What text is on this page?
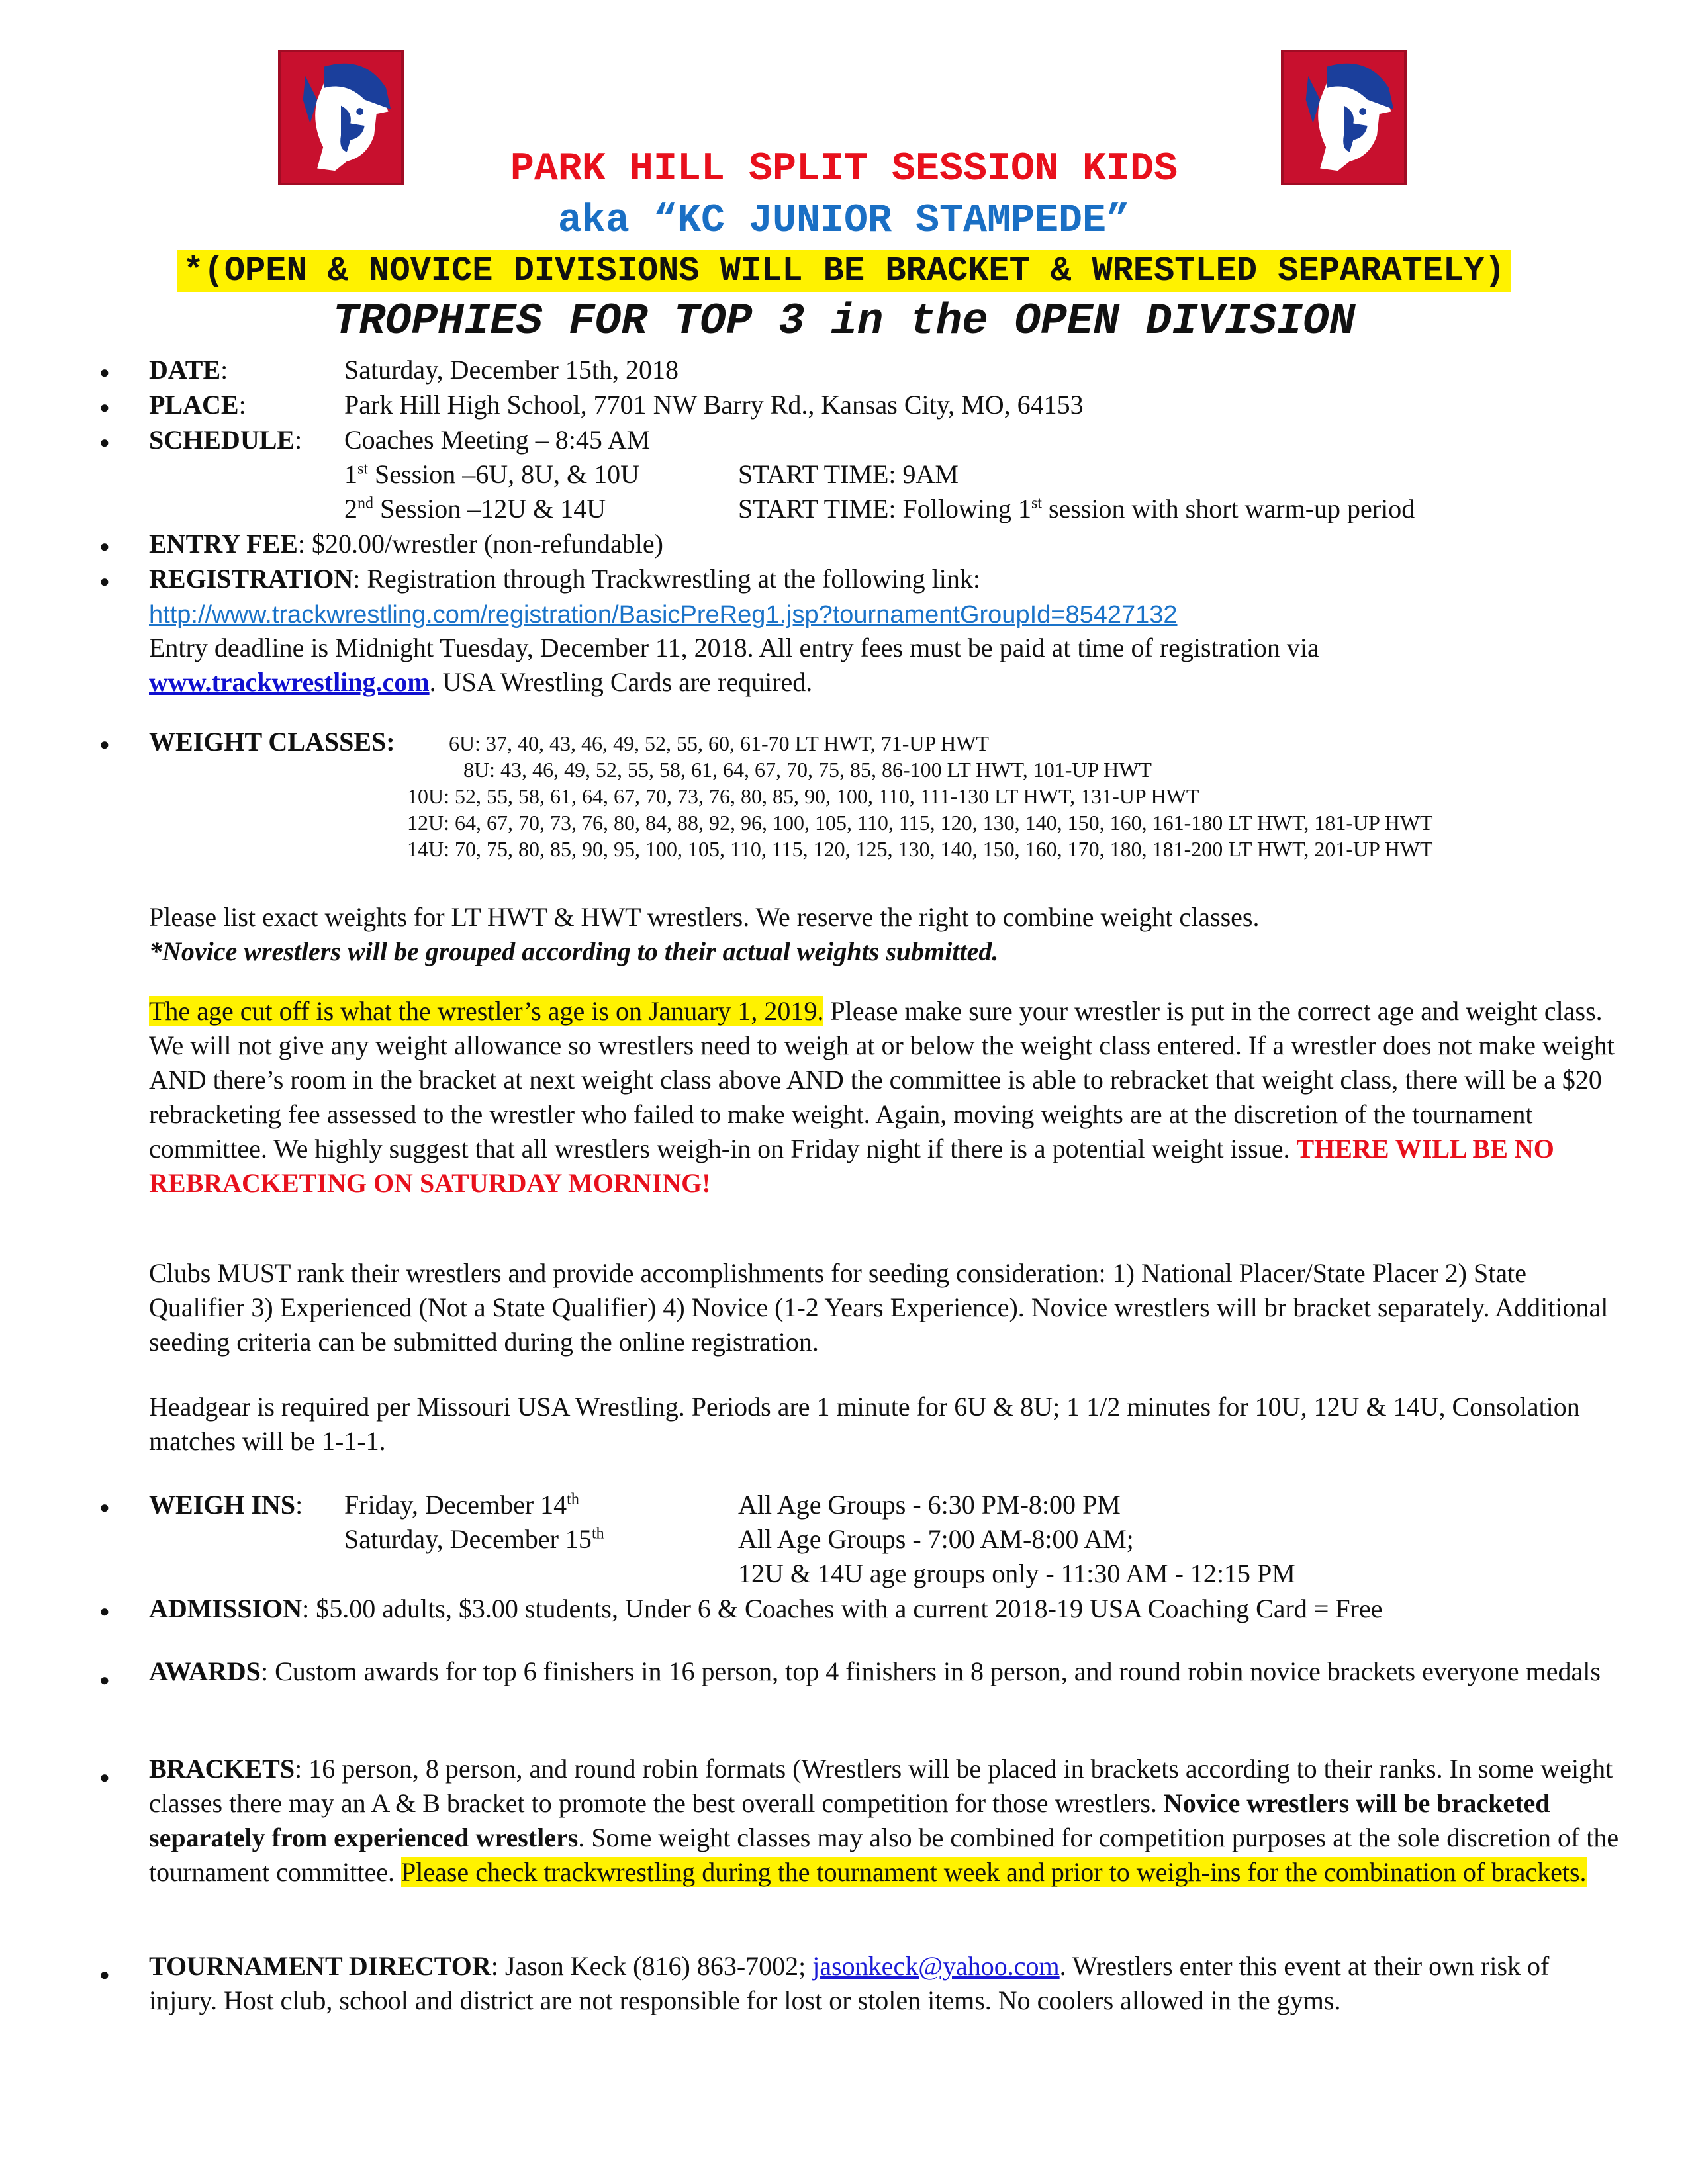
PARK HILL SPLIT SESSION KIDS
aka “KC JUNIOR STAMPEDE”
*(OPEN & NOVICE DIVISIONS WILL BE BRACKET & WRESTLED SEPARATELY)
TROPHIES FOR TOP 3 in the OPEN DIVISION
● DATE:	Saturday, December 15th, 2018
● PLACE:	Park Hill High School, 7701 NW Barry Rd., Kansas City, MO, 64153
● SCHEDULE: Coaches Meeting – 8:45 AM
1st Session –6U, 8U, & 10U	START TIME: 9AM
2nd Session –12U & 14U	START TIME: Following 1st session with short warm-up period
● ENTRY FEE: $20.00/wrestler (non-refundable)
● REGISTRATION: Registration through Trackwrestling at the following link:
http://www.trackwrestling.com/registration/BasicPreReg1.jsp?tournamentGroupId=85427132
Entry deadline is Midnight Tuesday, December 11, 2018. All entry fees must be paid at time of registration via
www.trackwrestling.com. USA Wrestling Cards are required.
● WEIGHT CLASSES:	6U: 37, 40, 43, 46, 49, 52, 55, 60, 61-70 LT HWT, 71-UP HWT
8U: 43, 46, 49, 52, 55, 58, 61, 64, 67, 70, 75, 85, 86-100 LT HWT, 101-UP HWT
10U: 52, 55, 58, 61, 64, 67, 70, 73, 76, 80, 85, 90, 100, 110, 111-130 LT HWT, 131-UP HWT
12U: 64, 67, 70, 73, 76, 80, 84, 88, 92, 96, 100, 105, 110, 115, 120, 130, 140, 150, 160, 161-180 LT HWT, 181-UP HWT
14U: 70, 75, 80, 85, 90, 95, 100, 105, 110, 115, 120, 125, 130, 140, 150, 160, 170, 180, 181-200 LT HWT, 201-UP HWT
Please list exact weights for LT HWT & HWT wrestlers. We reserve the right to combine weight classes.
*Novice wrestlers will be grouped according to their actual weights submitted.
The age cut off is what the wrestler’s age is on January 1, 2019. Please make sure your wrestler is put in the correct age and weight class. We will not give any weight allowance so wrestlers need to weigh at or below the weight class entered. If a wrestler does not make weight AND there’s room in the bracket at next weight class above AND the committee is able to rebracket that weight class, there will be a $20 rebracketing fee assessed to the wrestler who failed to make weight. Again, moving weights are at the discretion of the tournament committee. We highly suggest that all wrestlers weigh-in on Friday night if there is a potential weight issue. THERE WILL BE NO REBRACKETING ON SATURDAY MORNING!
Clubs MUST rank their wrestlers and provide accomplishments for seeding consideration: 1) National Placer/State Placer 2) State Qualifier 3) Experienced (Not a State Qualifier) 4) Novice (1-2 Years Experience). Novice wrestlers will br bracket separately. Additional seeding criteria can be submitted during the online registration.
Headgear is required per Missouri USA Wrestling. Periods are 1 minute for 6U & 8U; 1 1/2 minutes for 10U, 12U & 14U, Consolation matches will be 1-1-1.
● WEIGH INS: Friday, December 14th	All Age Groups - 6:30 PM-8:00 PM
Saturday, December 15th	All Age Groups - 7:00 AM-8:00 AM;
12U & 14U age groups only - 11:30 AM - 12:15 PM
● ADMISSION: $5.00 adults, $3.00 students, Under 6 & Coaches with a current 2018-19 USA Coaching Card = Free
● AWARDS: Custom awards for top 6 finishers in 16 person, top 4 finishers in 8 person, and round robin novice brackets everyone medals
● BRACKETS: 16 person, 8 person, and round robin formats (Wrestlers will be placed in brackets according to their ranks. In some weight classes there may an A & B bracket to promote the best overall competition for those wrestlers. Novice wrestlers will be bracketed separately from experienced wrestlers. Some weight classes may also be combined for competition purposes at the sole discretion of the tournament committee. Please check trackwrestling during the tournament week and prior to weigh-ins for the combination of brackets.
● TOURNAMENT DIRECTOR: Jason Keck (816) 863-7002; jasonkeck@yahoo.com. Wrestlers enter this event at their own risk of injury. Host club, school and district are not responsible for lost or stolen items. No coolers allowed in the gyms.
